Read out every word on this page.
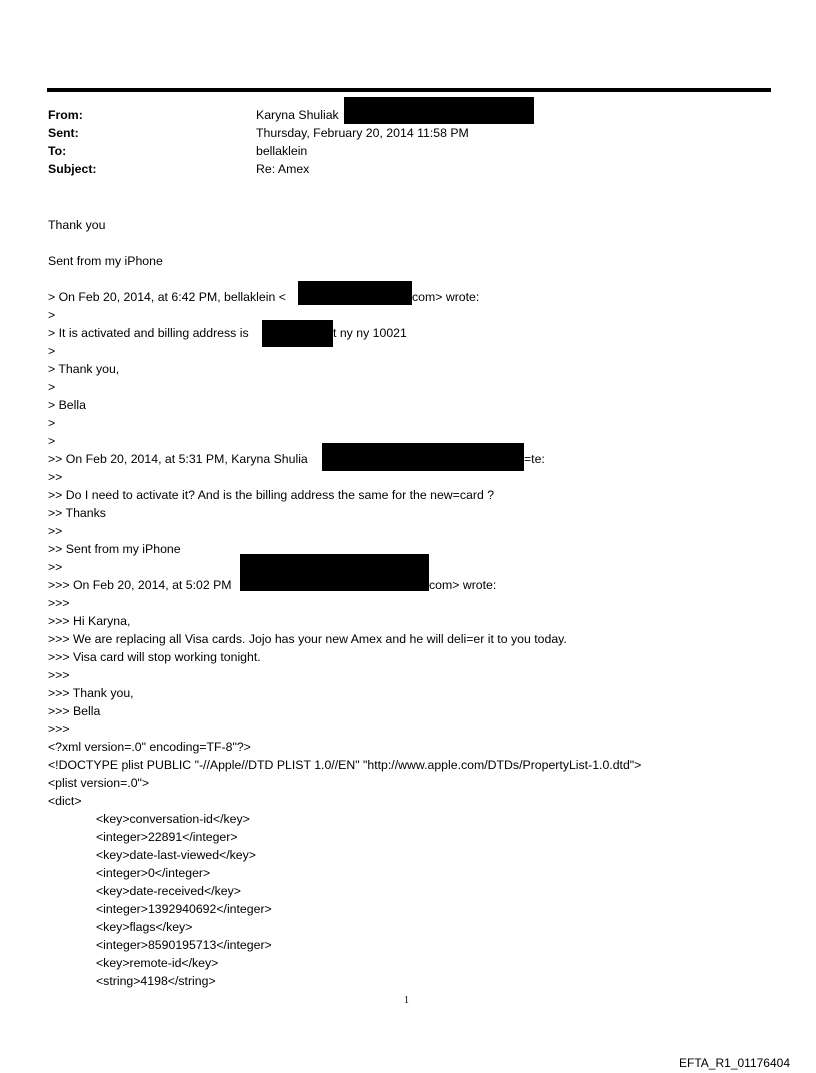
From:	Karyna Shuliak
Sent:	Thursday, February 20, 2014 11:58 PM
To:	bellaklein
Subject:	Re: Amex
Thank you
Sent from my iPhone
> On Feb 20, 2014, at 6:42 PM, bellaklein <	com> wrote:
>
> It is activated and billing address is	t ny ny 10021
>
> Thank you,
>
> Bella
>
>
>> On Feb 20, 2014, at 5:31 PM, Karyna Shulia	=te:
>>
>> Do I need to activate it? And is the billing address the same for the new=card ?
>> Thanks
>>
>> Sent from my iPhone
>>
>>> On Feb 20, 2014, at 5:02 PM	com> wrote:
>>>
>>> Hi Karyna,
>>> We are replacing all Visa cards. Jojo has your new Amex and he will deli=er it to you today.
>>> Visa card will stop working tonight.
>>>
>>> Thank you,
>>> Bella
>>>
<?xml version=.0" encoding=TF-8"?>
<!DOCTYPE plist PUBLIC "-//Apple//DTD PLIST 1.0//EN" "http://www.apple.com/DTDs/PropertyList-1.0.dtd">
<plist version=.0">
<dict>
<key>conversation-id</key>
<integer>22891</integer>
<key>date-last-viewed</key>
<integer>0</integer>
<key>date-received</key>
<integer>1392940692</integer>
<key>flags</key>
<integer>8590195713</integer>
<key>remote-id</key>
<string>4198</string>
1
EFTA_R1_01176404
